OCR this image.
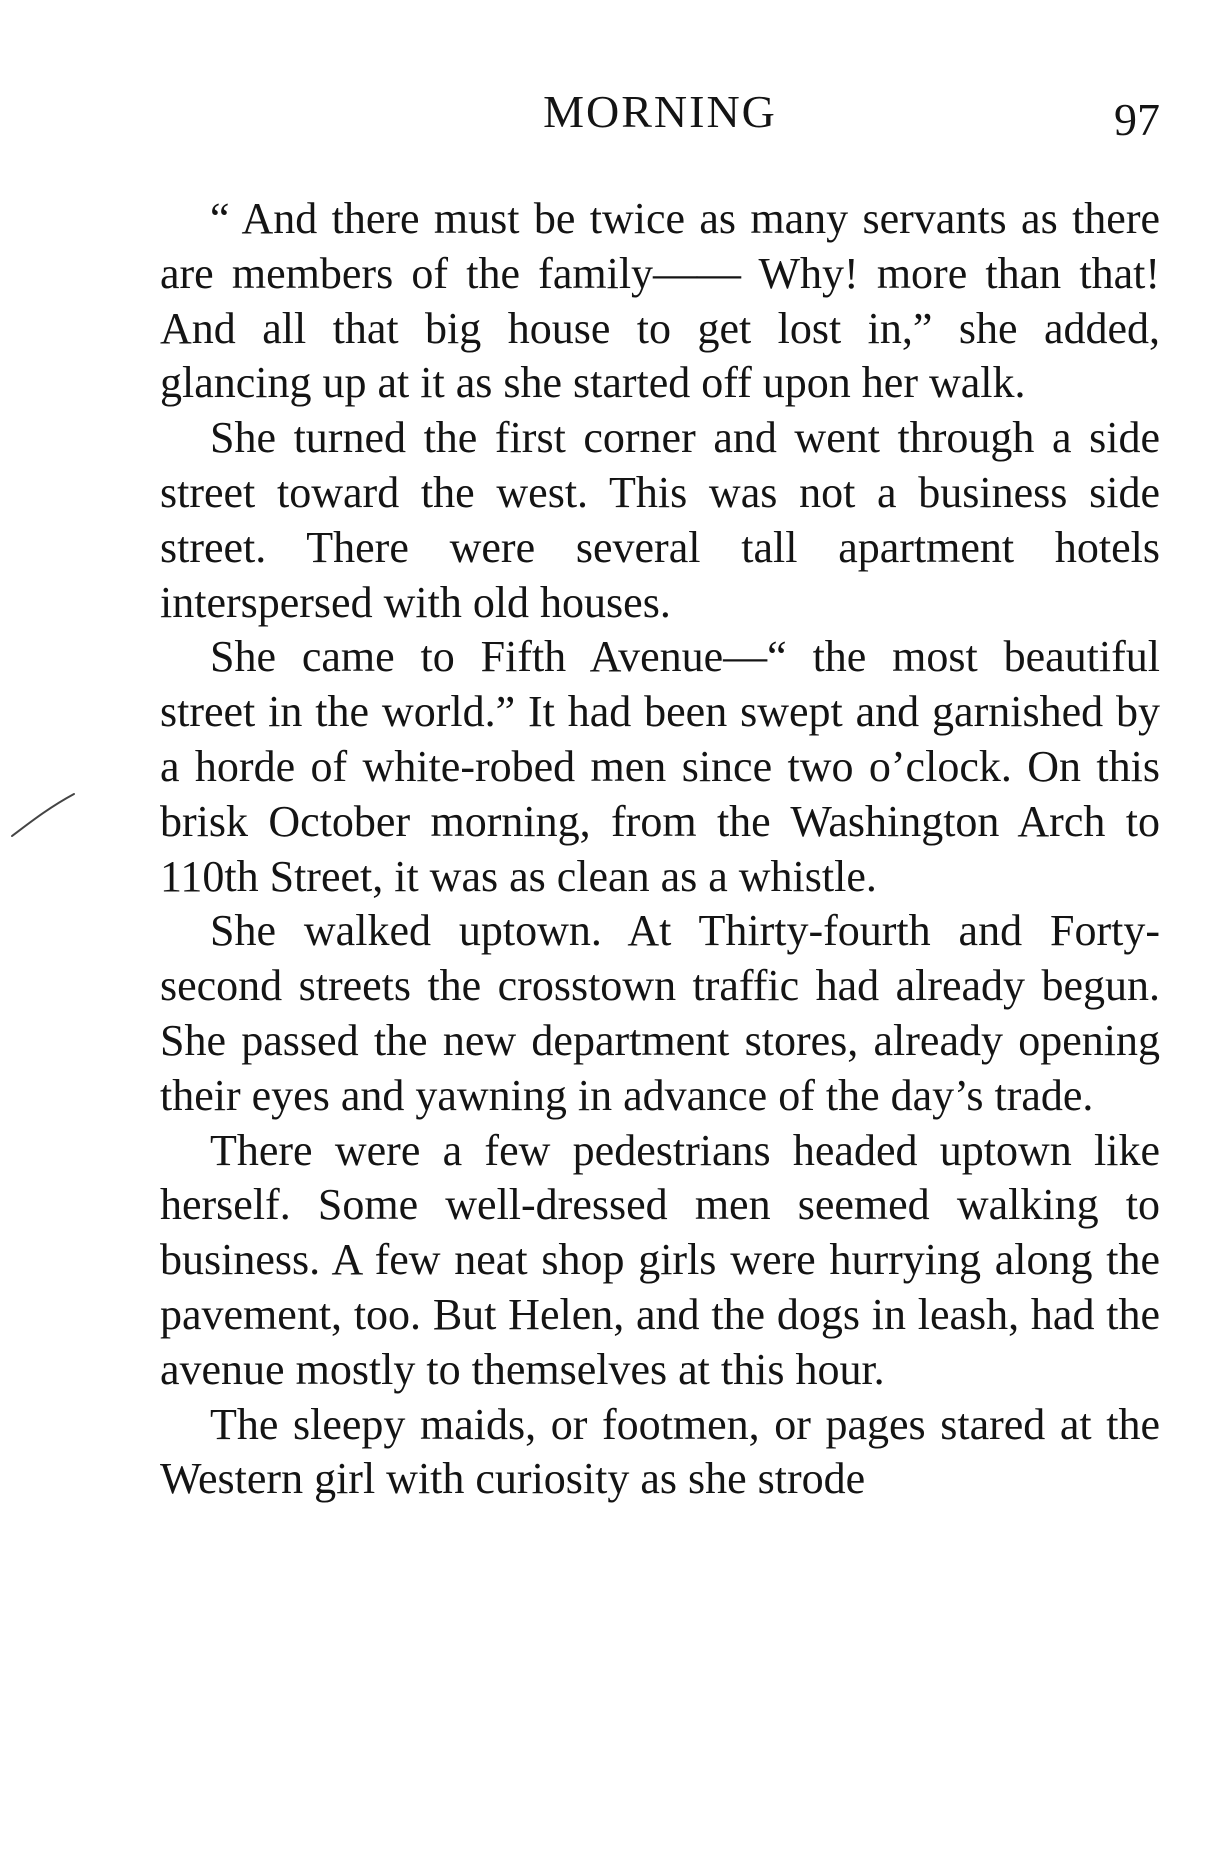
MORNING	97

“ And there must be twice as many servants as there are members of the family—— Why! more than that! And all that big house to get lost in,” she added, glancing up at it as she started off upon her walk.

She turned the first corner and went through a side street toward the west. This was not a business side street. There were several tall apartment hotels interspersed with old houses.

She came to Fifth Avenue—“ the most beautiful street in the world.” It had been swept and garnished by a horde of white-robed men since two o’clock. On this brisk October morning, from the Washington Arch to 110th Street, it was as clean as a whistle.

She walked uptown. At Thirty-fourth and Forty-second streets the crosstown traffic had already begun. She passed the new department stores, already opening their eyes and yawning in advance of the day’s trade.

There were a few pedestrians headed uptown like herself. Some well-dressed men seemed walking to business. A few neat shop girls were hurrying along the pavement, too. But Helen, and the dogs in leash, had the avenue mostly to themselves at this hour.

The sleepy maids, or footmen, or pages stared at the Western girl with curiosity as she strode
